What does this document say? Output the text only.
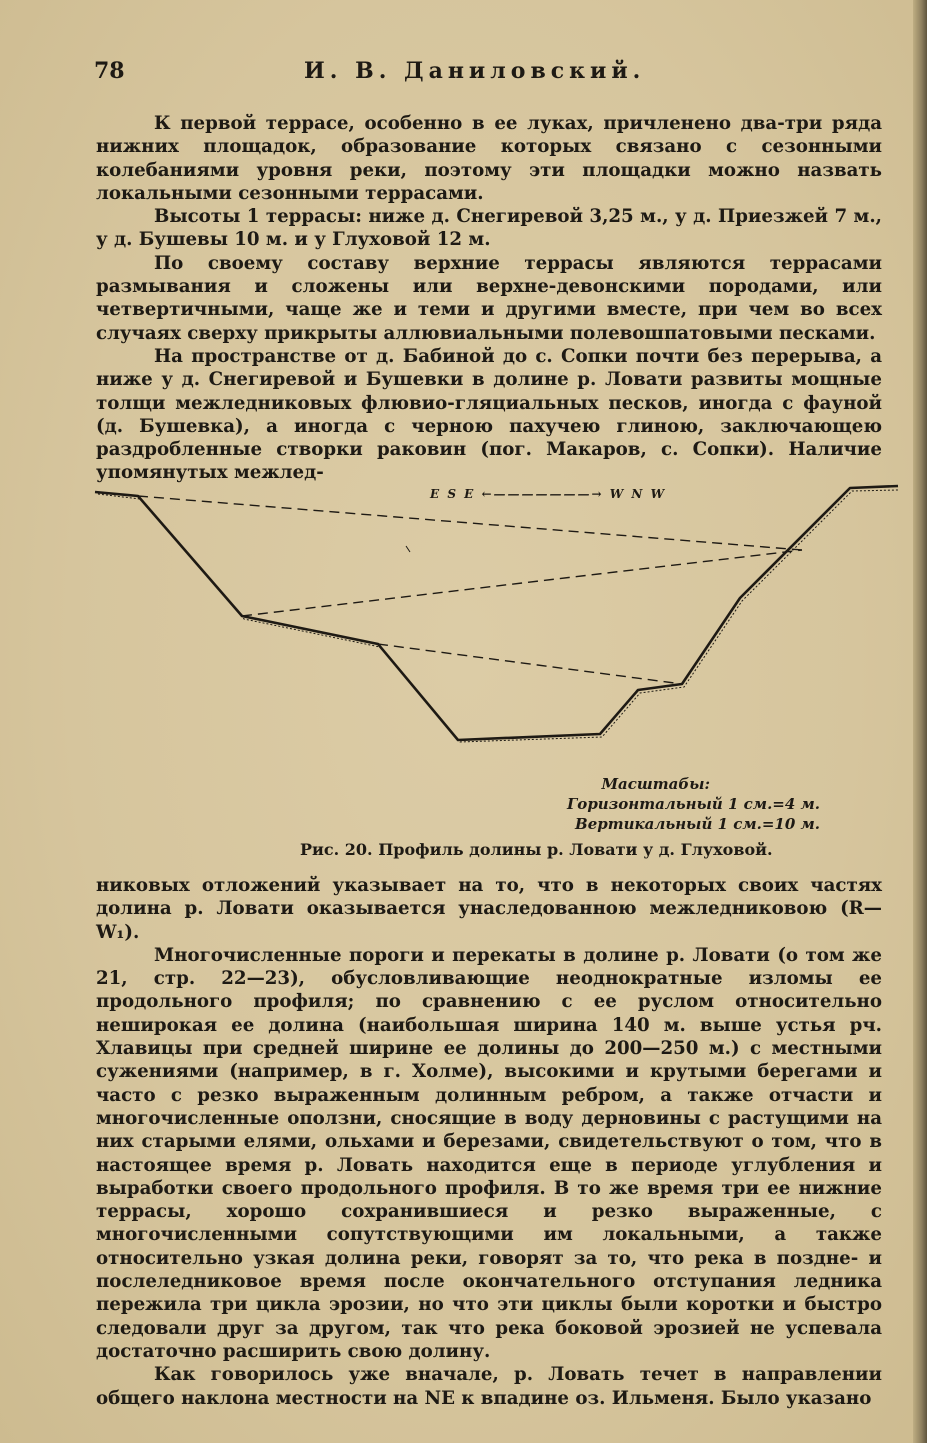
78	И. В. Даниловский.

К первой террасе, особенно в ее луках, причленено два-три ряда нижних площадок, образование которых связано с сезонными колебаниями уровня реки, поэтому эти площадки можно назвать локальными сезонными террасами.

Высоты 1 террасы: ниже д. Снегиревой 3,25 м., у д. Приезжей 7 м., у д. Бушевы 10 м. и у Глуховой 12 м.

По своему составу верхние террасы являются террасами размывания и сложены или верхне-девонскими породами, или четвертичными, чаще же и теми и другими вместе, при чем во всех случаях сверху прикрыты аллювиальными полевошпатовыми песками.

На пространстве от д. Бабиной до с. Сопки почти без перерыва, а ниже у д. Снегиревой и Бушевки в долине р. Ловати развиты мощные толщи межледниковых флювио-гляциальных песков, иногда с фауной (д. Бушевка), а иногда с черною пахучею глиною, заключающею раздробленные створки раковин (пог. Макаров, с. Сопки). Наличие упомянутых межлед-

E S E ←———————→ W N W
Масштабы:
Горизонтальный 1 см.=4 м.
Вертикальный 1 см.=10 м.
Рис. 20. Профиль долины р. Ловати у д. Глуховой.

никовых отложений указывает на то, что в некоторых своих частях долина р. Ловати оказывается унаследованною межледниковою (R— W₁).

Многочисленные пороги и перекаты в долине р. Ловати (о том же 21, стр. 22—23), обусловливающие неоднократные изломы ее продольного профиля; по сравнению с ее руслом относительно неширокая ее долина (наибольшая ширина 140 м. выше устья рч. Хлавицы при средней ширине ее долины до 200—250 м.) с местными сужениями (например, в г. Холме), высокими и крутыми берегами и часто с резко выраженным долинным ребром, а также отчасти и многочисленные оползни, сносящие в воду дерновины с растущими на них старыми елями, ольхами и березами, свидетельствуют о том, что в настоящее время р. Ловать находится еще в периоде углубления и выработки своего продольного профиля. В то же время три ее нижние террасы, хорошо сохранившиеся и резко выраженные, с многочисленными сопутствующими им локальными, а также относительно узкая долина реки, говорят за то, что река в поздне- и послеледниковое время после окончательного отступания ледника пережила три цикла эрозии, но что эти циклы были коротки и быстро следовали друг за другом, так что река боковой эрозией не успевала достаточно расширить свою долину.

Как говорилось уже вначале, р. Ловать течет в направлении общего наклона местности на NE к впадине оз. Ильменя. Было указано
